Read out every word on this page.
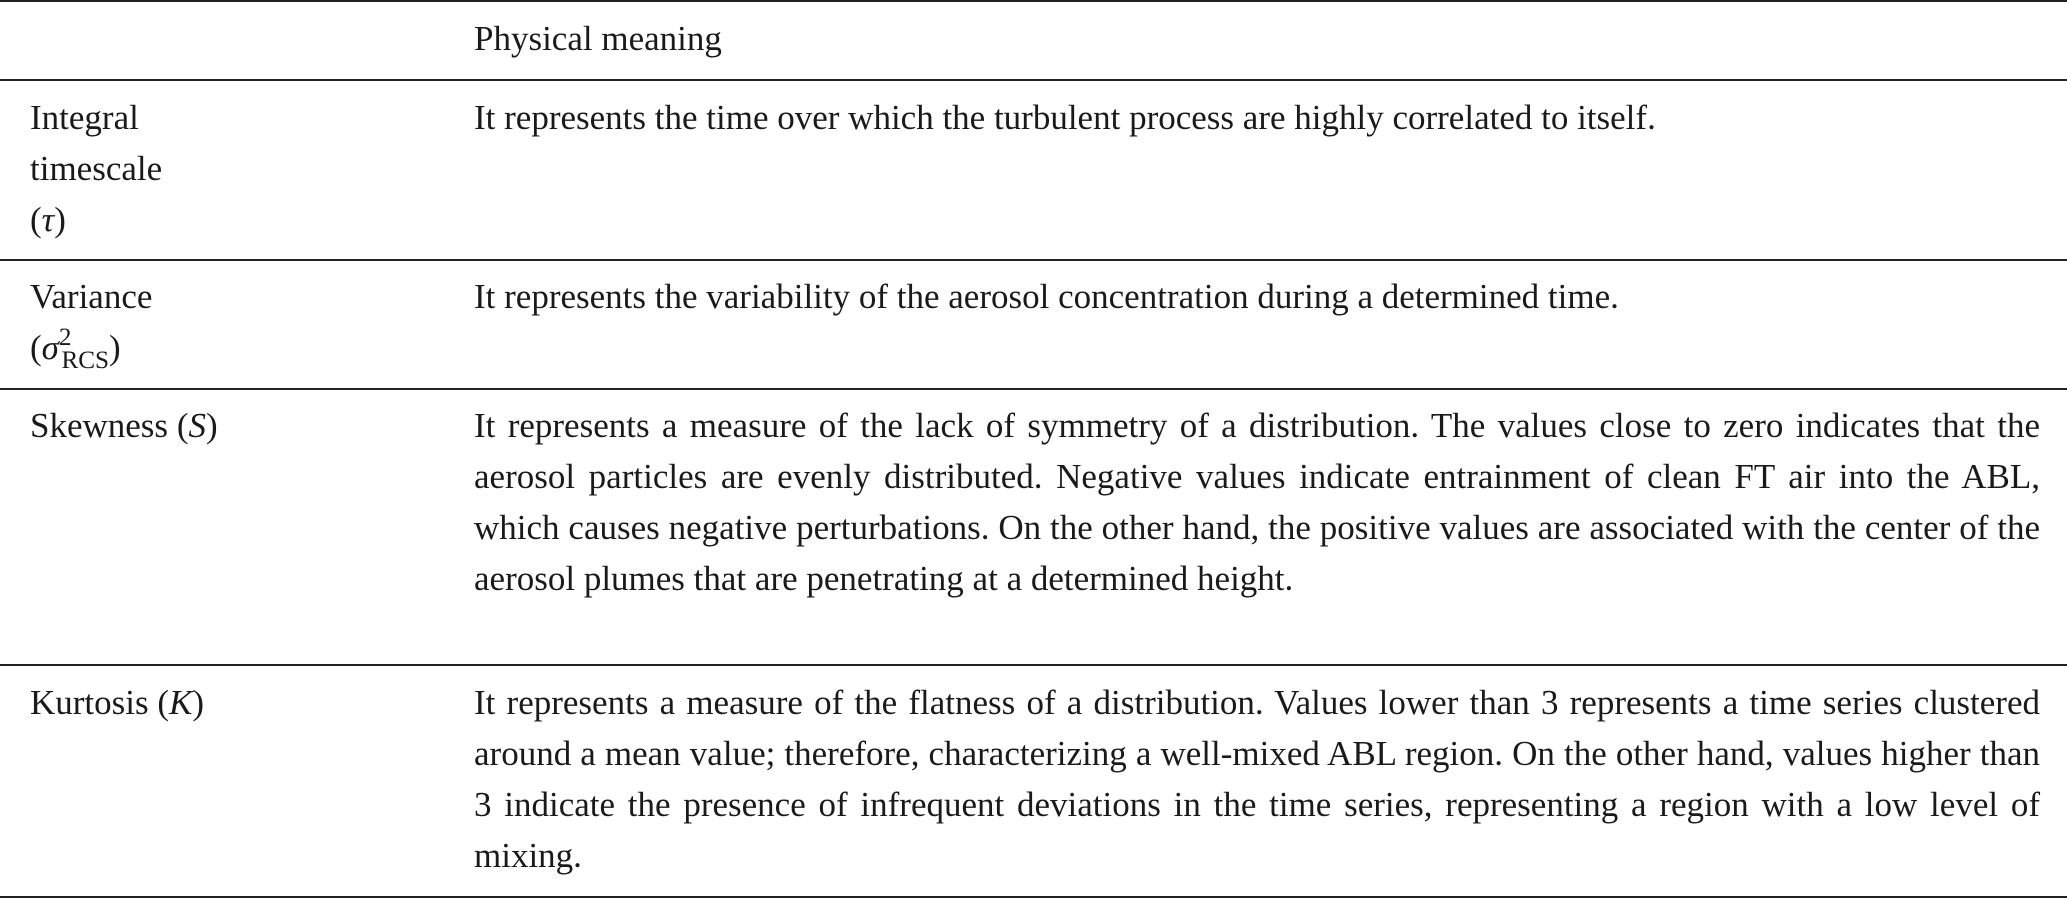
Physical meaning
Integral
timescale
(τ)
It represents the time over which the turbulent process are highly correlated to itself.
Variance
$(\sigma^2_{RCS})$
It represents the variability of the aerosol concentration during a determined time.
Skewness (S)	It represents a measure of the lack of symmetry of a distribution. The values close to zero indicates that the aerosol particles are evenly distributed. Negative values indicate entrainment of clean FT air into the ABL, which causes negative perturbations. On the other hand, the positive values are associated with the center of the aerosol plumes that are penetrating at a determined height.
Kurtosis (K)	It represents a measure of the flatness of a distribution. Values lower than 3 represents a time series clustered around a mean value; therefore, characterizing a well-mixed ABL region. On the other hand, values higher than 3 indicate the presence of infrequent deviations in the time series, representing a region with a low level of mixing.
